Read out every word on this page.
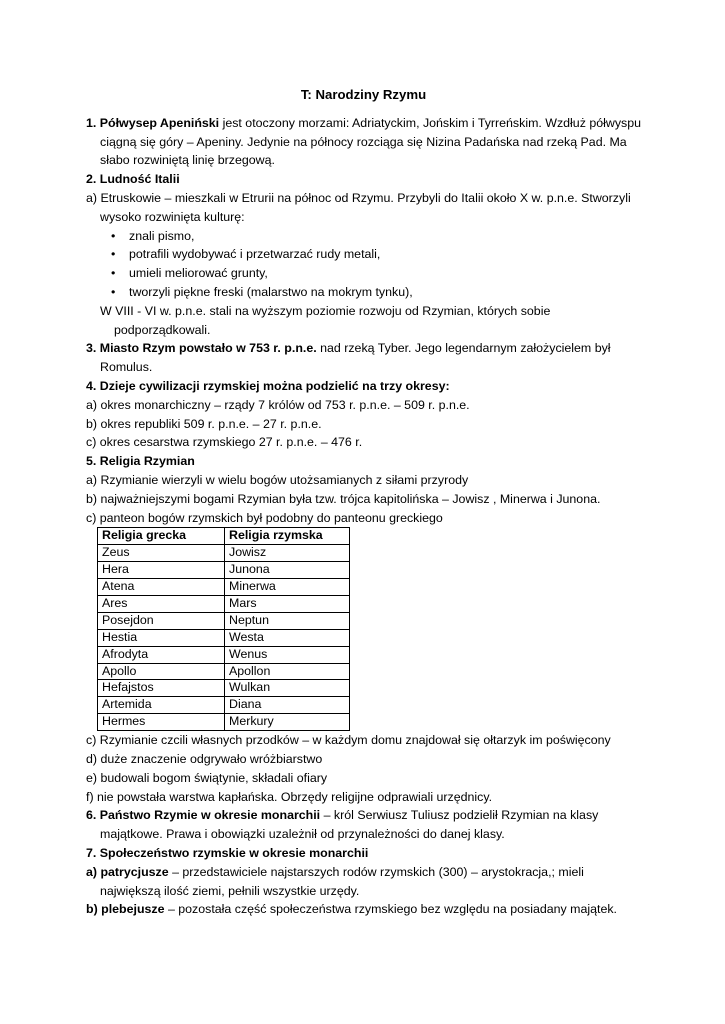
T: Narodziny Rzymu

1. Półwysep Apeniński jest otoczony morzami: Adriatyckim, Jońskim i Tyrreńskim. Wzdłuż półwyspu ciągną się góry – Apeniny. Jedynie na północy rozciąga się Nizina Padańska nad rzeką Pad. Ma słabo rozwiniętą linię brzegową.

2. Ludność Italii

a) Etruskowie – mieszkali w Etrurii na północ od Rzymu. Przybyli do Italii około X w. p.n.e. Stworzyli wysoko rozwinięta kulturę:

• znali pismo,
• potrafili wydobywać i przetwarzać rudy metali,
• umieli meliorować grunty,
• tworzyli piękne freski (malarstwo na mokrym tynku),

W VIII - VI w. p.n.e. stali na wyższym poziomie rozwoju od Rzymian, których sobie podporządkowali.

3. Miasto Rzym powstało w 753 r. p.n.e. nad rzeką Tyber. Jego legendarnym założycielem był Romulus.

4. Dzieje cywilizacji rzymskiej można podzielić na trzy okresy:

a) okres monarchiczny – rządy 7 królów od 753 r. p.n.e. – 509 r. p.n.e.

b) okres republiki 509 r. p.n.e. – 27 r. p.n.e.

c) okres cesarstwa rzymskiego 27 r. p.n.e. – 476 r.

5. Religia Rzymian

a) Rzymianie wierzyli w wielu bogów utożsamianych z siłami przyrody

b) najważniejszymi bogami Rzymian była tzw. trójca kapitolińska – Jowisz , Minerwa i Junona.

c) panteon bogów rzymskich był podobny do panteonu greckiego

Religia grecka	Religia rzymska
Zeus	Jowisz
Hera	Junona
Atena	Minerwa
Ares	Mars
Posejdon	Neptun
Hestia	Westa
Afrodyta	Wenus
Apollo	Apollon
Hefajstos	Wulkan
Artemida	Diana
Hermes	Merkury

c) Rzymianie czcili własnych przodków – w każdym domu znajdował się ołtarzyk im poświęcony

d) duże znaczenie odgrywało wróżbiarstwo

e) budowali bogom świątynie, składali ofiary

f) nie powstała warstwa kapłańska. Obrzędy religijne odprawiali urzędnicy.

6. Państwo Rzymie w okresie monarchii – król Serwiusz Tuliusz podzielił Rzymian na klasy majątkowe. Prawa i obowiązki uzależnił od przynależności do danej klasy.

7. Społeczeństwo rzymskie w okresie monarchii

a) patrycjusze – przedstawiciele najstarszych rodów rzymskich (300) – arystokracja,; mieli największą ilość ziemi, pełnili wszystkie urzędy.

b) plebejusze – pozostała część społeczeństwa rzymskiego bez względu na posiadany majątek.
